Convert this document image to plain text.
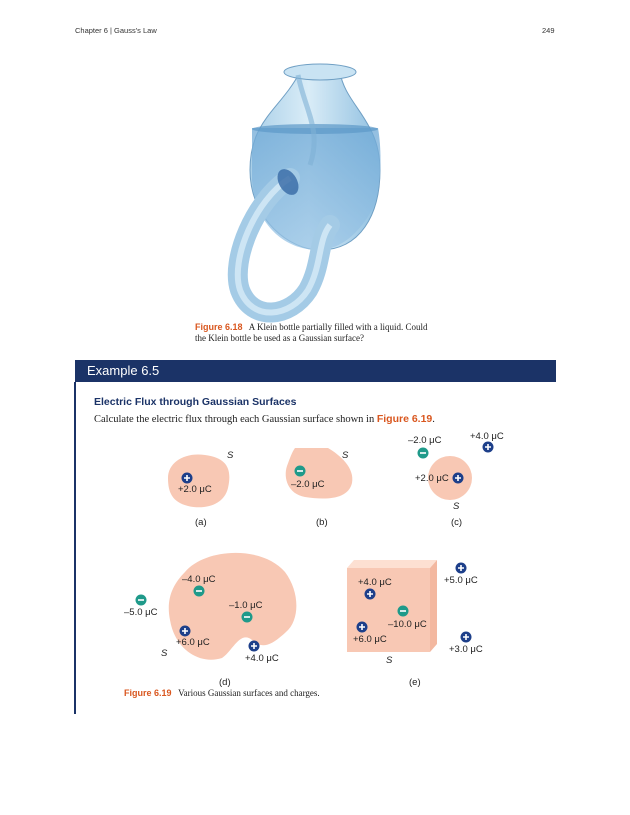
Chapter 6 | Gauss's Law	249
Figure 6.18 A Klein bottle partially filled with a liquid. Could
the Klein bottle be used as a Gaussian surface?
Example 6.5
Electric Flux through Gaussian Surfaces
Calculate the electric flux through each Gaussian surface shown in Figure 6.19.
S	S
S
S
S
+2.0 μC	–2.0 μC
–2.0 μC	+4.0 μC
+2.0 μC
–4.0 μC
–1.0 μC
–5.0 μC
+6.0 μC
+4.0 μC
+4.0 μC	+5.0 μC
–10.0 μC
+6.0 μC
+3.0 μC
(a)	(b)	(c)
(d)	(e)
Figure 6.19 Various Gaussian surfaces and charges.
